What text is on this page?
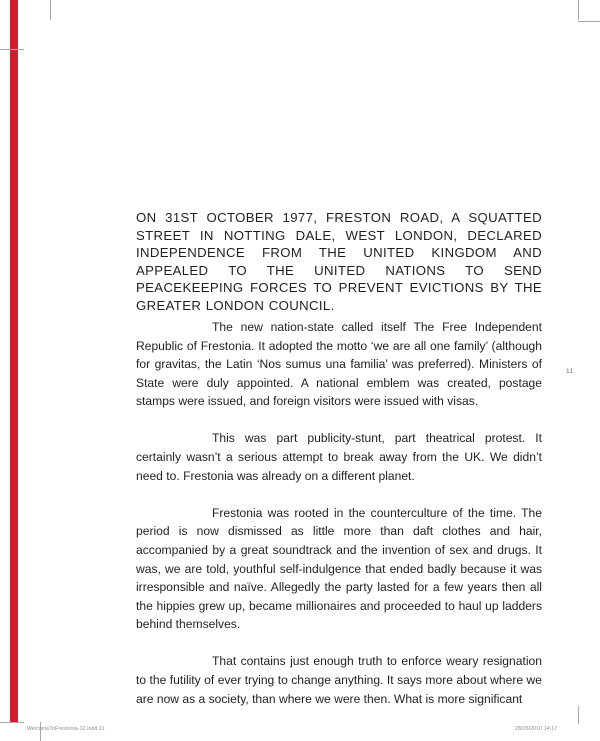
ON 31ST OCTOBER 1977, FRESTON ROAD, A SQUATTED STREET IN NOTTING DALE, WEST LONDON, DECLARED INDEPENDENCE FROM THE UNITED KINGDOM AND APPEALED TO THE UNITED NATIONS TO SEND PEACEKEEPING FORCES TO PREVENT EVICTIONS BY THE GREATER LONDON COUNCIL.

The new nation-state called itself The Free Independent Republic of Frestonia. It adopted the motto ‘we are all one family’ (although for gravitas, the Latin ‘Nos sumus una familia’ was preferred). Ministers of State were duly appointed. A national emblem was created, postage stamps were issued, and foreign visitors were issued with visas.

This was part publicity-stunt, part theatrical protest. It certainly wasn’t a serious attempt to break away from the UK. We didn’t need to. Frestonia was already on a different planet.

Frestonia was rooted in the counterculture of the time. The period is now dismissed as little more than daft clothes and hair, accompanied by a great soundtrack and the invention of sex and drugs. It was, we are told, youthful self-indulgence that ended badly because it was irresponsible and naïve. Allegedly the party lasted for a few years then all the hippies grew up, became millionaires and proceeded to haul up ladders behind themselves.

That contains just enough truth to enforce weary resignation to the futility of ever trying to change anything. It says more about where we are now as a society, than where we were then. What is more significant

11
WelcomeToFrestonia-12.indd 11	28/05/2010 14:17
